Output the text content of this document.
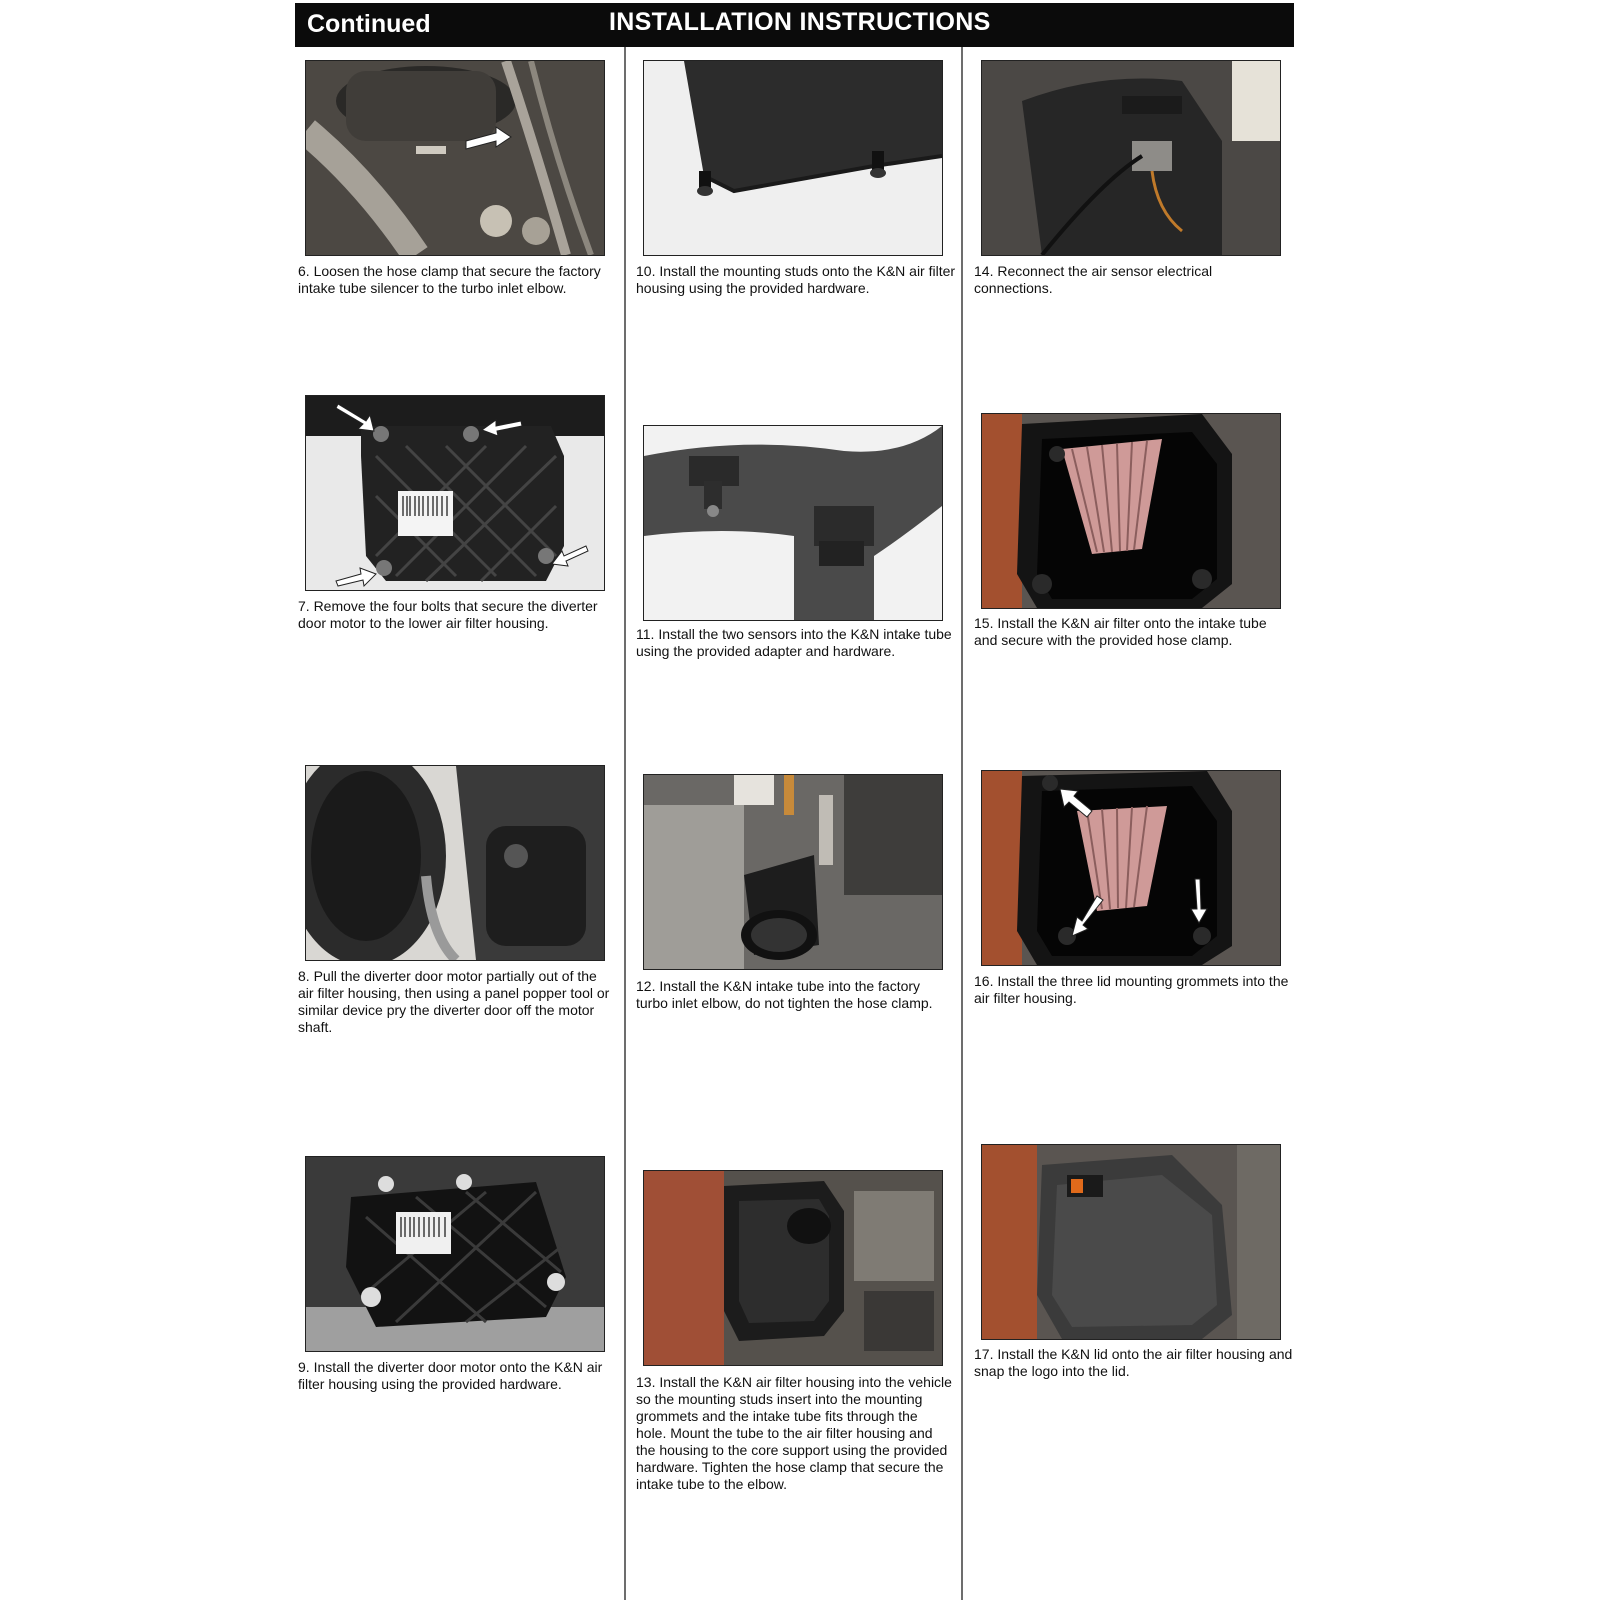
Continued	INSTALLATION INSTRUCTIONS
6. Loosen the hose clamp that secure the factory
intake tube silencer to the turbo inlet elbow.
7. Remove the four bolts that secure the diverter
door motor to the lower air filter housing.
8. Pull the diverter door motor partially out of the
air filter housing, then using a panel popper tool or
similar device pry the diverter door off the motor
shaft.
9. Install the diverter door motor onto the K&N air
filter housing using the provided hardware.
10. Install the mounting studs onto the K&N air filter
housing using the provided hardware.
11. Install the two sensors into the K&N intake tube
using the provided adapter and hardware.
12. Install the K&N intake tube into the factory
turbo inlet elbow, do not tighten the hose clamp.
13. Install the K&N air filter housing into the vehicle
so the mounting studs insert into the mounting
grommets and the intake tube fits through the
hole. Mount the tube to the air filter housing and
the housing to the core support using the provided
hardware. Tighten the hose clamp that secure the
intake tube to the elbow.
14. Reconnect the air sensor electrical
connections.
15. Install the K&N air filter onto the intake tube
and secure with the provided hose clamp.
16. Install the three lid mounting grommets into the
air filter housing.
17. Install the K&N lid onto the air filter housing and
snap the logo into the lid.
